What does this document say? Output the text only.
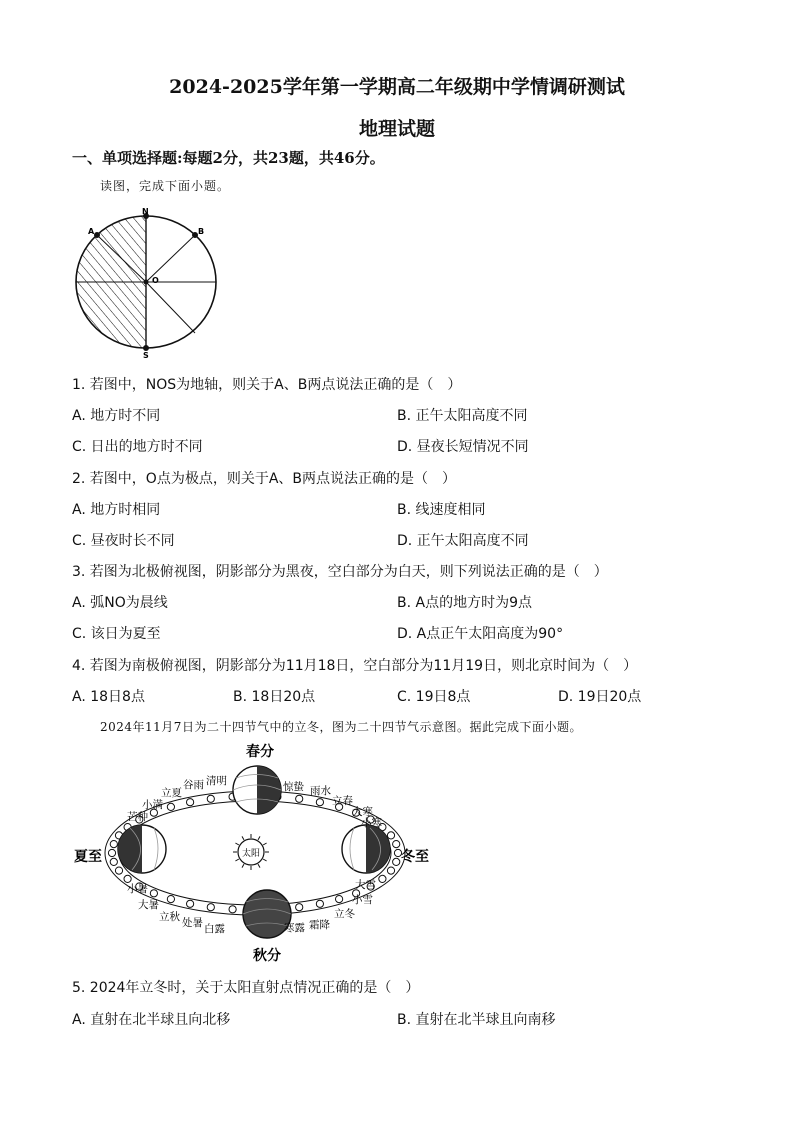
2024-2025学年第一学期高二年级期中学情调研测试
地理试题
一、单项选择题:每题2分，共23题，共46分。
读图，完成下面小题。
N
S
A	B
O
1. 若图中，NOS为地轴，则关于A、B两点说法正确的是（　）
A. 地方时不同	B. 正午太阳高度不同
C. 日出的地方时不同	D. 昼夜长短情况不同
2. 若图中，O点为极点，则关于A、B两点说法正确的是（　）
A. 地方时相同	B. 线速度相同
C. 昼夜时长不同	D. 正午太阳高度不同
3. 若图为北极俯视图，阴影部分为黑夜，空白部分为白天，则下列说法正确的是（　）
A. 弧NO为晨线	B. A点的地方时为9点
C. 该日为夏至	D. A点正午太阳高度为90°
4. 若图为南极俯视图，阴影部分为11月18日，空白部分为11月19日，则北京时间为（　）
A. 18日8点	B. 18日20点	C. 19日8点	D. 19日20点
2024年11月7日为二十四节气中的立冬，图为二十四节气示意图。据此完成下面小题。
太阳
春分
夏至
秋分
冬至
清明
谷雨
立夏
小满
芒种
惊蛰 雨水
立春
大寒
小寒
小暑
大暑
立秋 处暑 白露	寒露 霜降
立冬
小雪
大雪
5. 2024年立冬时，关于太阳直射点情况正确的是（　）
A. 直射在北半球且向北移	B. 直射在北半球且向南移
